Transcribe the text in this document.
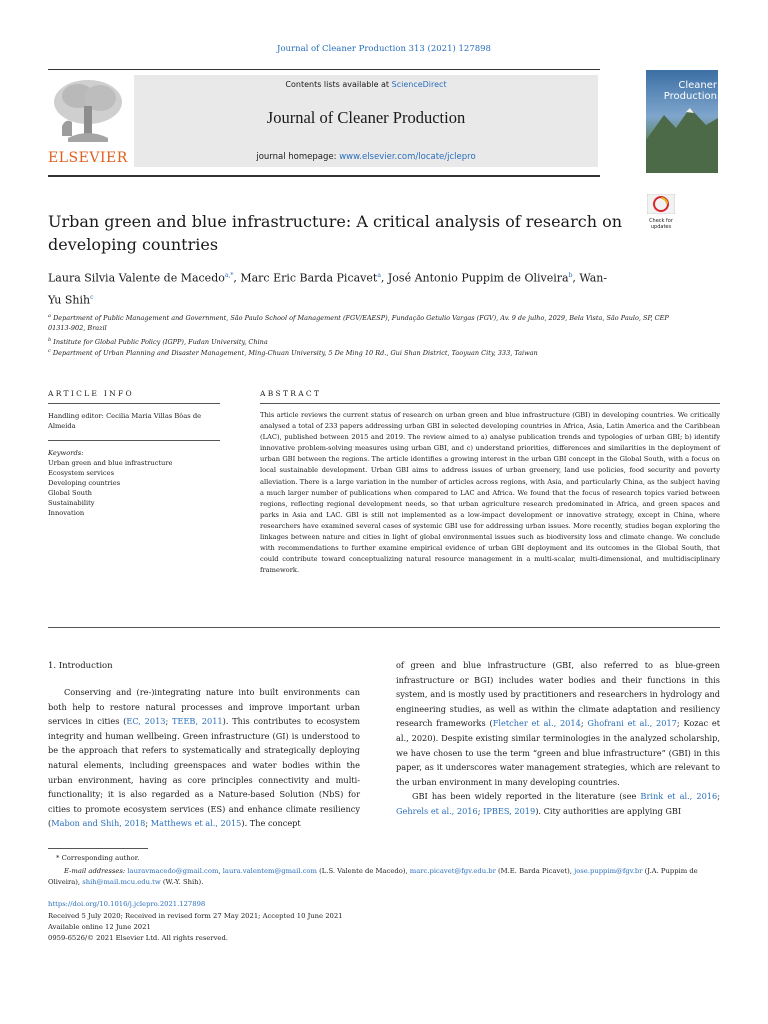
Journal of Cleaner Production 313 (2021) 127898
ELSEVIER
Contents lists available at ScienceDirect
Journal of Cleaner Production
journal homepage: www.elsevier.com/locate/jclepro
Cleaner Production
Check for
updates
Urban green and blue infrastructure: A critical analysis of research on developing countries
Laura Silvia Valente de Macedo$^{a,*}$, Marc Eric Barda Picavet$^a$, José Antonio Puppim de Oliveira$^b$, Wan-Yu Shih$^c$
$^a$ Department of Public Management and Government, São Paulo School of Management (FGV/EAESP), Fundação Getulio Vargas (FGV), Av. 9 de julho, 2029, Bela Vista, São Paulo, SP, CEP 01313-902, Brazil
$^b$ Institute for Global Public Policy (IGPP), Fudan University, China
$^c$ Department of Urban Planning and Disaster Management, Ming-Chuan University, 5 De Ming 10 Rd., Gui Shan District, Taoyuan City, 333, Taiwan
ARTICLE INFO
Handling editor: Cecilia Maria Villas Bôas de Almeida
Keywords:
Urban green and blue infrastructure
Ecosystem services
Developing countries
Global South
Sustainability
Innovation
ABSTRACT
This article reviews the current status of research on urban green and blue infrastructure (GBI) in developing countries. We critically analysed a total of 233 papers addressing urban GBI in selected developing countries in Africa, Asia, Latin America and the Caribbean (LAC), published between 2015 and 2019. The review aimed to a) analyse publication trends and typologies of urban GBI; b) identify innovative problem-solving measures using urban GBI, and c) understand priorities, differences and similarities in the deployment of urban GBI between the regions. The article identifies a growing interest in the urban GBI concept in the Global South, with a focus on local sustainable development. Urban GBI aims to address issues of urban greenery, land use policies, food security and poverty alleviation. There is a large variation in the number of articles across regions, with Asia, and particularly China, as the subject having a much larger number of publications when compared to LAC and Africa. We found that the focus of research topics varied between regions, reflecting regional development needs, so that urban agriculture research predominated in Africa, and green spaces and parks in Asia and LAC. GBI is still not implemented as a low-impact development or innovative strategy, except in China, where researchers have examined several cases of systemic GBI use for addressing urban issues. More recently, studies began exploring the linkages between nature and cities in light of global environmental issues such as biodiversity loss and climate change. We conclude with recommendations to further examine empirical evidence of urban GBI deployment and its outcomes in the Global South, that could contribute toward conceptualizing natural resource management in a multi-scalar, multi-dimensional, and multidisciplinary framework.
1. Introduction
Conserving and (re-)integrating nature into built environments can both help to restore natural processes and improve important urban services in cities (EC, 2013; TEEB, 2011). This contributes to ecosystem integrity and human wellbeing. Green infrastructure (GI) is understood to be the approach that refers to systematically and strategically deploying natural elements, including greenspaces and water bodies within the urban environment, having as core principles connectivity and multi-functionality; it is also regarded as a Nature-based Solution (NbS) for cities to promote ecosystem services (ES) and enhance climate resiliency (Mabon and Shih, 2018; Matthews et al., 2015). The concept
of green and blue infrastructure (GBI, also referred to as blue-green infrastructure or BGI) includes water bodies and their functions in this system, and is mostly used by practitioners and researchers in hydrology and engineering studies, as well as within the climate adaptation and resiliency research frameworks (Fletcher et al., 2014; Ghofrani et al., 2017; Kozac et al., 2020). Despite existing similar terminologies in the analyzed scholarship, we have chosen to use the term “green and blue infrastructure” (GBI) in this paper, as it underscores water management strategies, which are relevant to the urban environment in many developing countries.
GBI has been widely reported in the literature (see Brink et al., 2016; Gehrels et al., 2016; IPBES, 2019). City authorities are applying GBI
* Corresponding author.
E-mail addresses: lauravmacedo@gmail.com, laura.valentem@gmail.com (L.S. Valente de Macedo), marc.picavet@fgv.edu.br (M.E. Barda Picavet), jose.puppim@fgv.br (J.A. Puppim de Oliveira), shih@mail.mcu.edu.tw (W.-Y. Shih).
https://doi.org/10.1016/j.jclepro.2021.127898
Received 5 July 2020; Received in revised form 27 May 2021; Accepted 10 June 2021
Available online 12 June 2021
0959-6526/© 2021 Elsevier Ltd. All rights reserved.
